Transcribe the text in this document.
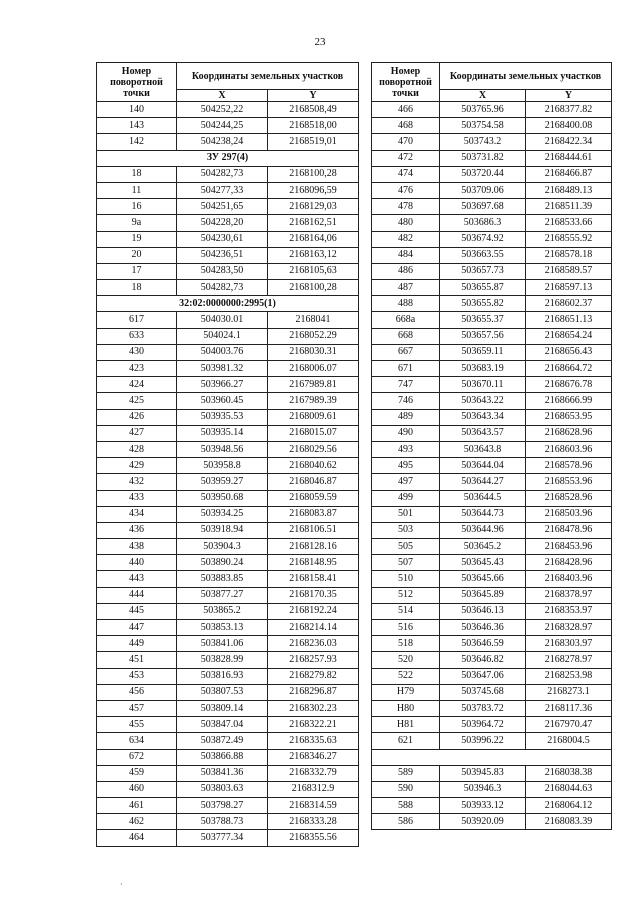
23
Номер поворотной точки	Координаты земельных участков	
	X	Y
140	504252,22	2168508,49
143	504244,25	2168518,00
142	504238,24	2168519,01
ЗУ 297(4)		
18	504282,73	2168100,28
11	504277,33	2168096,59
16	504251,65	2168129,03
9а	504228,20	2168162,51
19	504230,61	2168164,06
20	504236,51	2168163,12
17	504283,50	2168105,63
18	504282,73	2168100,28
32:02:0000000:2995(1)		
617	504030.01	2168041
633	504024.1	2168052.29
430	504003.76	2168030.31
423	503981.32	2168006.07
424	503966.27	2167989.81
425	503960.45	2167989.39
426	503935.53	2168009.61
427	503935.14	2168015.07
428	503948.56	2168029.56
429	503958.8	2168040.62
432	503959.27	2168046.87
433	503950.68	2168059.59
434	503934.25	2168083.87
436	503918.94	2168106.51
438	503904.3	2168128.16
440	503890.24	2168148.95
443	503883.85	2168158.41
444	503877.27	2168170.35
445	503865.2	2168192.24
447	503853.13	2168214.14
449	503841.06	2168236.03
451	503828.99	2168257.93
453	503816.93	2168279.82
456	503807.53	2168296.87
457	503809.14	2168302.23
455	503847.04	2168322.21
634	503872.49	2168335.63
672	503866.88	2168346.27
459	503841.36	2168332.79
460	503803.63	2168312.9
461	503798.27	2168314.59
462	503788.73	2168333.28
464	503777.34	2168355.56
Номер поворотной точки	Координаты земельных участков	
	X	Y
466	503765.96	2168377.82
468	503754.58	2168400.08
470	503743.2	2168422.34
472	503731.82	2168444.61
474	503720.44	2168466.87
476	503709.06	2168489.13
478	503697.68	2168511.39
480	503686.3	2168533.66
482	503674.92	2168555.92
484	503663.55	2168578.18
486	503657.73	2168589.57
487	503655.87	2168597.13
488	503655.82	2168602.37
668а	503655.37	2168651.13
668	503657.56	2168654.24
667	503659.11	2168656.43
671	503683.19	2168664.72
747	503670.11	2168676.78
746	503643.22	2168666.99
489	503643.34	2168653.95
490	503643.57	2168628.96
493	503643.8	2168603.96
495	503644.04	2168578.96
497	503644.27	2168553.96
499	503644.5	2168528.96
501	503644.73	2168503.96
503	503644.96	2168478.96
505	503645.2	2168453.96
507	503645.43	2168428.96
510	503645.66	2168403.96
512	503645.89	2168378.97
514	503646.13	2168353.97
516	503646.36	2168328.97
518	503646.59	2168303.97
520	503646.82	2168278.97
522	503647.06	2168253.98
Н79	503745.68	2168273.1
Н80	503783.72	2168117.36
Н81	503964.72	2167970.47
621	503996.22	2168004.5

589	503945.83	2168038.38
590	503946.3	2168044.63
588	503933.12	2168064.12
586	503920.09	2168083.39
·
